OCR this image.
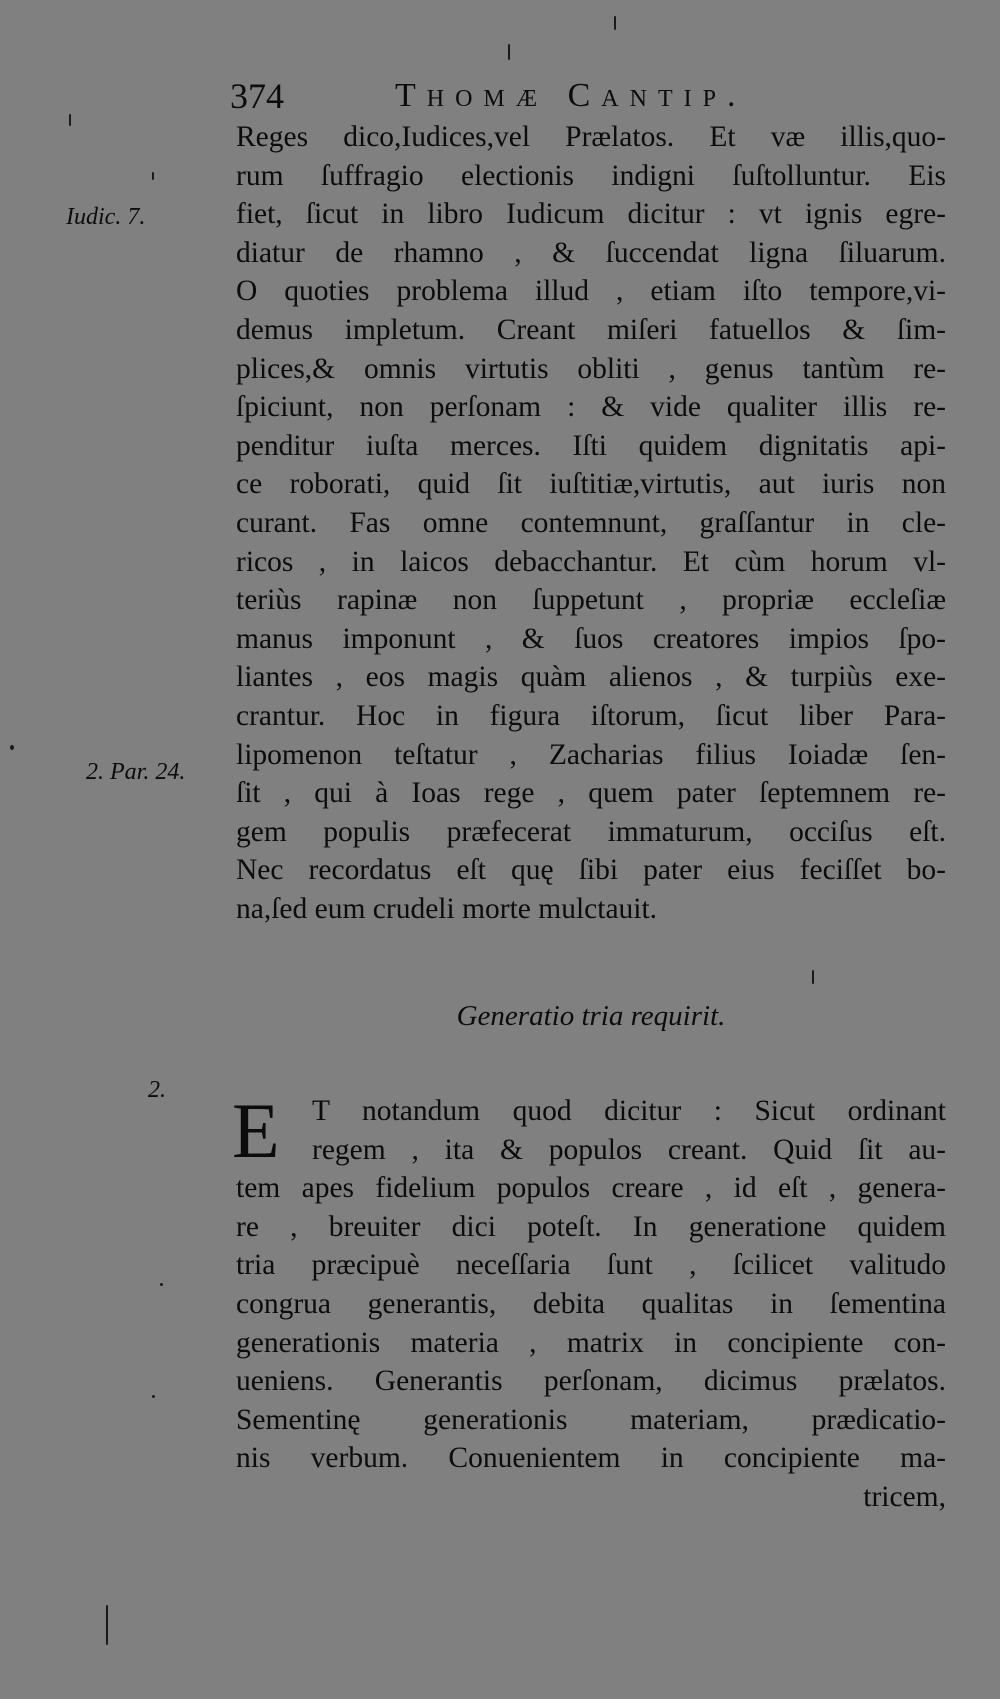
374	Thomæ Cantip.
Iudic. 7.
2. Par. 24.
2.
Reges dico,Iudices,vel Prælatos. Et væ illis,quo-
rum ſuffragio electionis indigni ſuſtolluntur. Eis
fiet, ſicut in libro Iudicum dicitur : vt ignis egre-
diatur de rhamno , & ſuccendat ligna ſiluarum.
O quoties problema illud , etiam iſto tempore,vi-
demus impletum. Creant miſeri fatuellos & ſim-
plices,& omnis virtutis obliti , genus tantùm re-
ſpiciunt, non perſonam : & vide qualiter illis re-
penditur iuſta merces. Iſti quidem dignitatis api-
ce roborati, quid ſit iuſtitiæ,virtutis, aut iuris non
curant. Fas omne contemnunt, graſſantur in cle-
ricos , in laicos debacchantur. Et cùm horum vl-
teriùs rapinæ non ſuppetunt , propriæ eccleſiæ
manus imponunt , & ſuos creatores impios ſpo-
liantes , eos magis quàm alienos , & turpiùs exe-
crantur. Hoc in figura iſtorum, ſicut liber Para-
lipomenon teſtatur , Zacharias filius Ioiadæ ſen-
ſit , qui à Ioas rege , quem pater ſeptemnem re-
gem populis præfecerat immaturum, occiſus eſt.
Nec recordatus eſt quę ſibi pater eius feciſſet bo-
na,ſed eum crudeli morte mulctauit.
Generatio tria requirit.
E	T notandum quod dicitur : Sicut ordinant
regem , ita & populos creant. Quid ſit au-
tem apes fidelium populos creare , id eſt , genera-
re , breuiter dici poteſt. In generatione quidem
tria præcipuè neceſſaria ſunt , ſcilicet valitudo
congrua generantis, debita qualitas in ſementina
generationis materia , matrix in concipiente con-
ueniens. Generantis perſonam, dicimus prælatos.
Sementinę generationis materiam, prædicatio-
nis verbum. Conuenientem in concipiente ma-
tricem,
